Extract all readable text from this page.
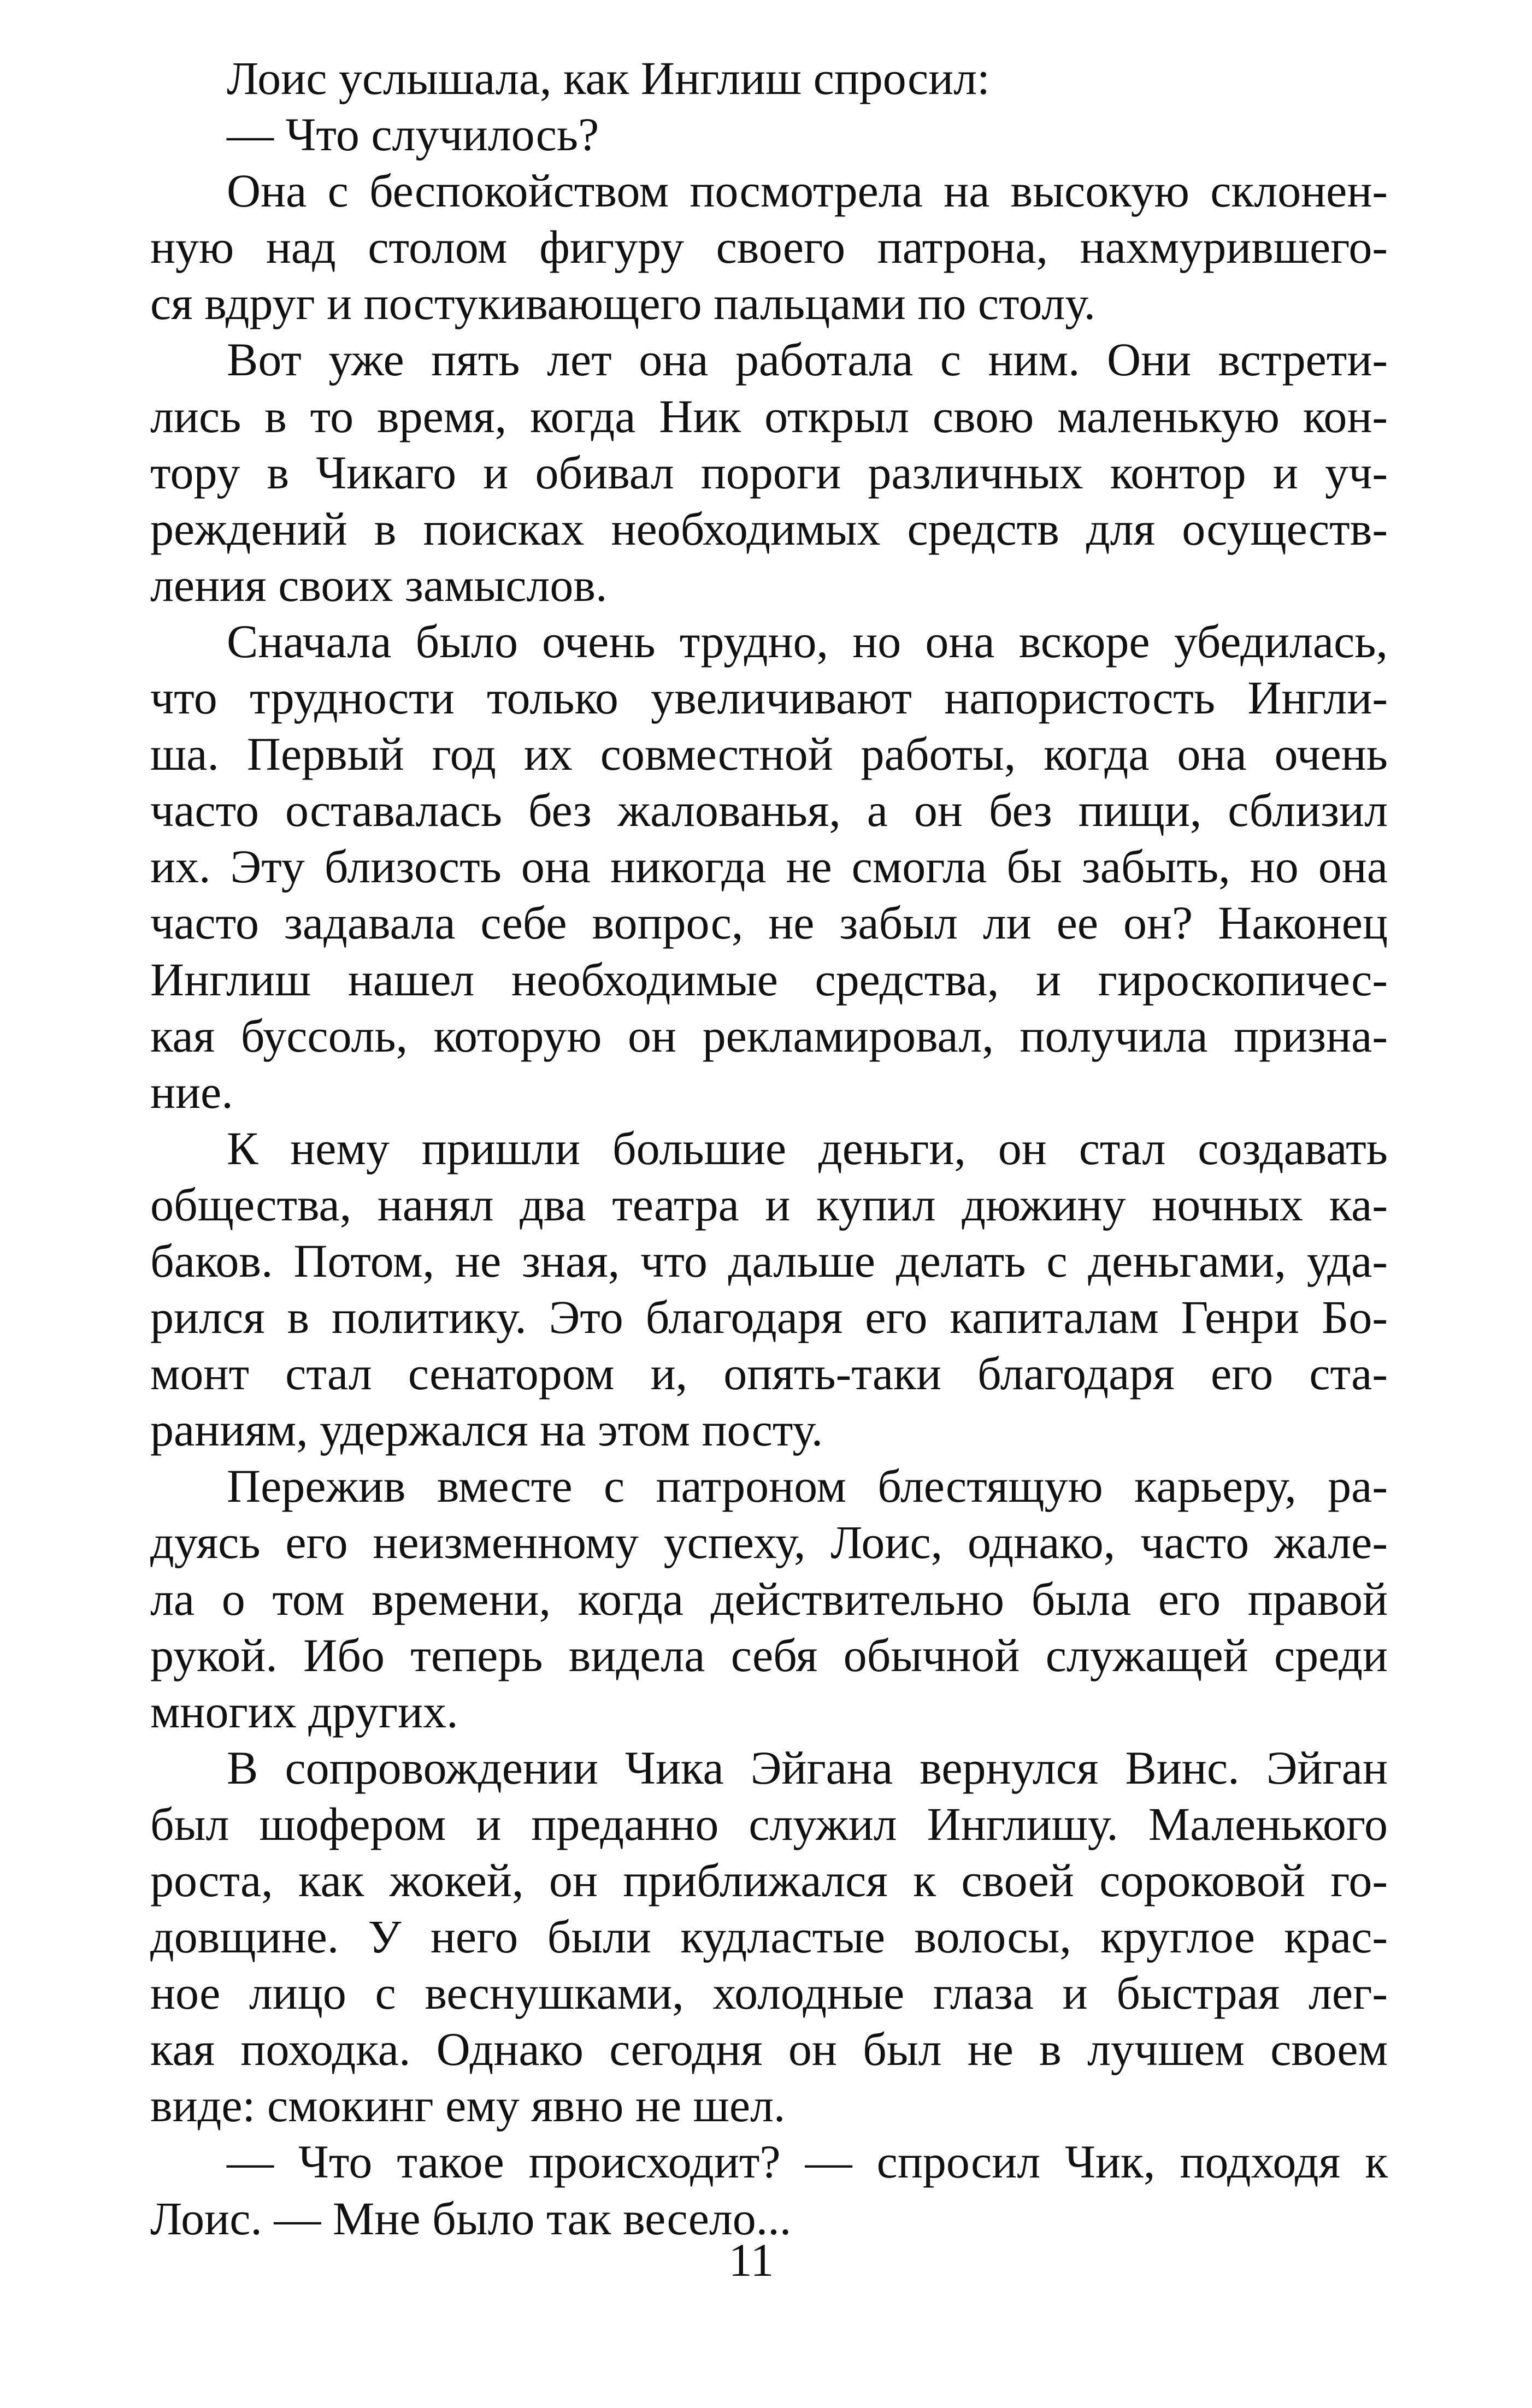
Лоис услышала, как Инглиш спросил:
— Что случилось?
Она с беспокойством посмотрела на высокую склонен-
ную над столом фигуру своего патрона, нахмурившего-
ся вдруг и постукивающего пальцами по столу.
Вот уже пять лет она работала с ним. Они встрети-
лись в то время, когда Ник открыл свою маленькую кон-
тору в Чикаго и обивал пороги различных контор и уч-
реждений в поисках необходимых средств для осуществ-
ления своих замыслов.
Сначала было очень трудно, но она вскоре убедилась,
что трудности только увеличивают напористость Ингли-
ша. Первый год их совместной работы, когда она очень
часто оставалась без жалованья, а он без пищи, сблизил
их. Эту близость она никогда не смогла бы забыть, но она
часто задавала себе вопрос, не забыл ли ее он? Наконец
Инглиш нашел необходимые средства, и гироскопичес-
кая буссоль, которую он рекламировал, получила призна-
ние.
К нему пришли большие деньги, он стал создавать
общества, нанял два театра и купил дюжину ночных ка-
баков. Потом, не зная, что дальше делать с деньгами, уда-
рился в политику. Это благодаря его капиталам Генри Бо-
монт стал сенатором и, опять-таки благодаря его ста-
раниям, удержался на этом посту.
Пережив вместе с патроном блестящую карьеру, ра-
дуясь его неизменному успеху, Лоис, однако, часто жале-
ла о том времени, когда действительно была его правой
рукой. Ибо теперь видела себя обычной служащей среди
многих других.
В сопровождении Чика Эйгана вернулся Винс. Эйган
был шофером и преданно служил Инглишу. Маленького
роста, как жокей, он приближался к своей сороковой го-
довщине. У него были кудластые волосы, круглое крас-
ное лицо с веснушками, холодные глаза и быстрая лег-
кая походка. Однако сегодня он был не в лучшем своем
виде: смокинг ему явно не шел.
— Что такое происходит? — спросил Чик, подходя к
Лоис. — Мне было так весело...
11
